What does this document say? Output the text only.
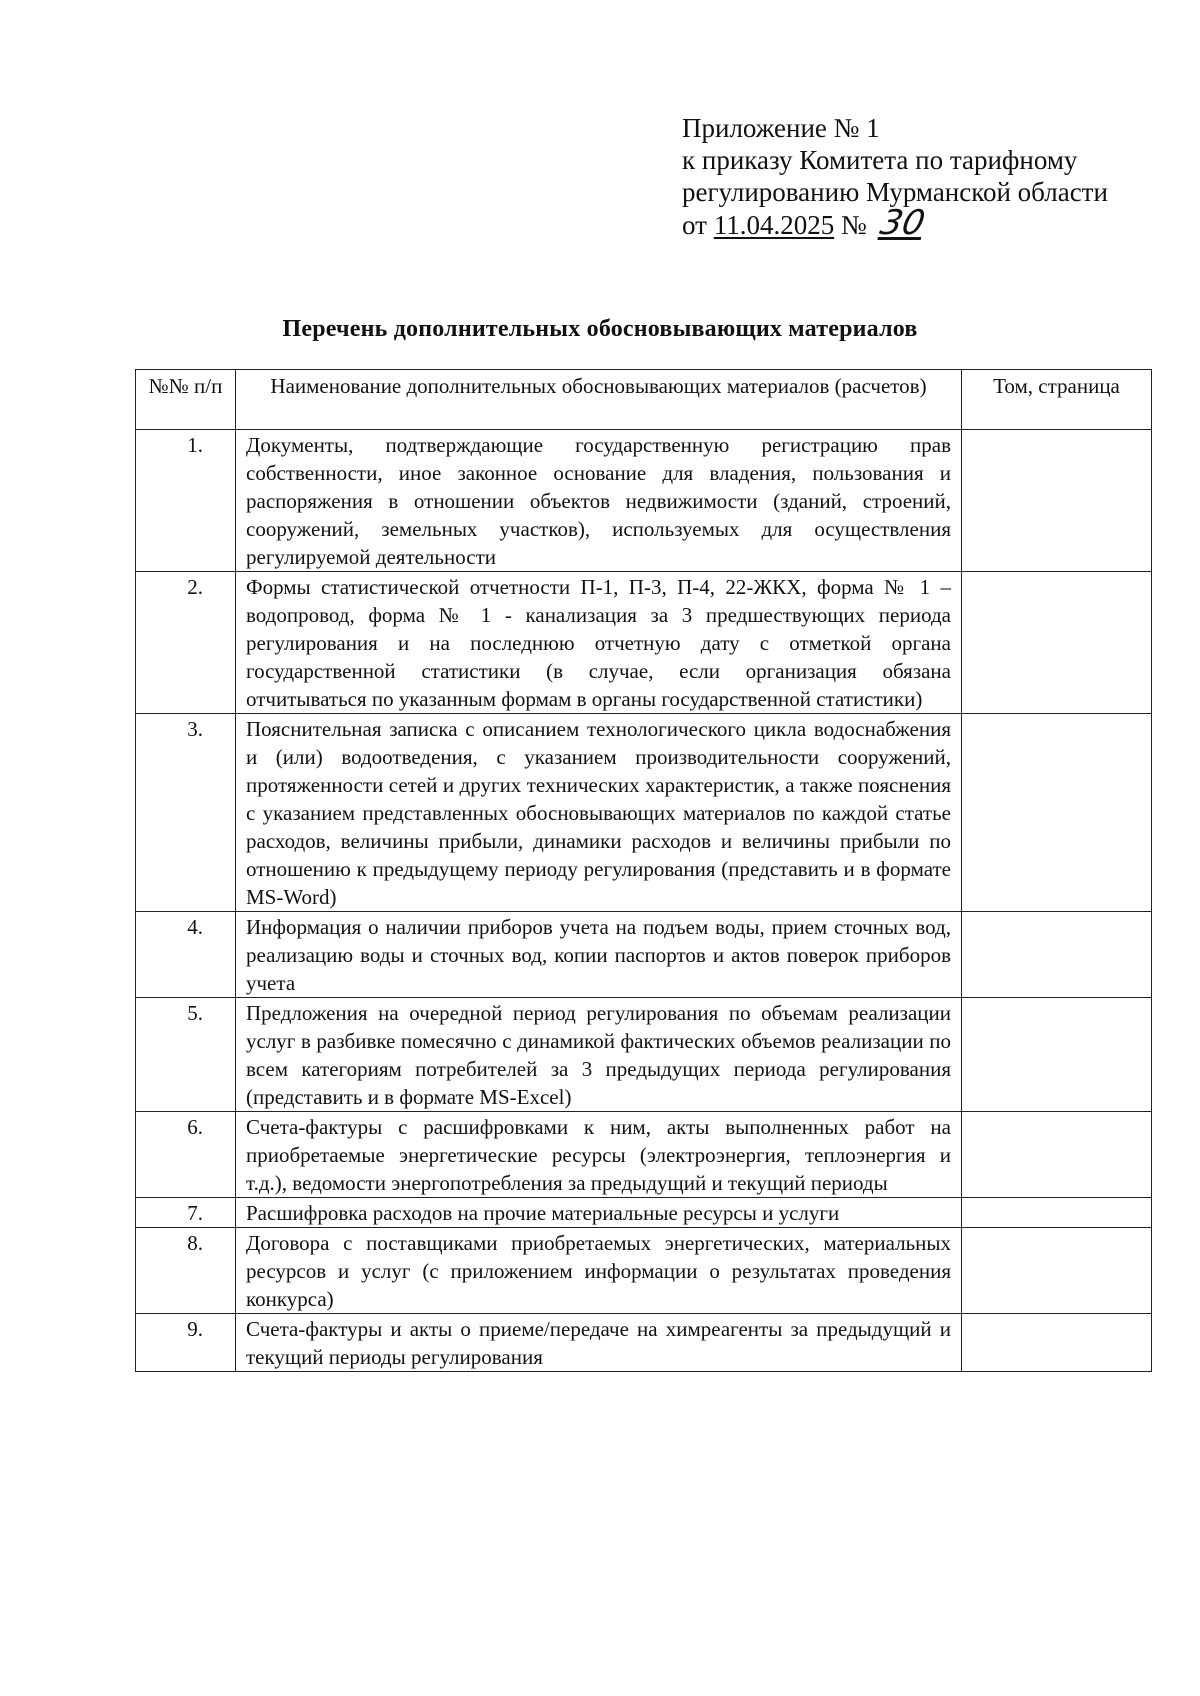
Приложение № 1
к приказу Комитета по тарифному
регулированию Мурманской области
от 11.04.2025 № 30
Перечень дополнительных обосновывающих материалов
№№ п/п	Наименование дополнительных обосновывающих материалов (расчетов)	Том, страница
1.	Документы, подтверждающие государственную регистрацию прав собственности, иное законное основание для владения, пользования и распоряжения в отношении объектов недвижимости (зданий, строений, сооружений, земельных участков), используемых для осуществления регулируемой деятельности	
2.	Формы статистической отчетности П-1, П-3, П-4, 22-ЖКХ, форма № 1 – водопровод, форма № 1 - канализация за 3 предшествующих периода регулирования и на последнюю отчетную дату с отметкой органа государственной статистики (в случае, если организация обязана отчитываться по указанным формам в органы государственной статистики)	
3.	Пояснительная записка с описанием технологического цикла водоснабжения и (или) водоотведения, с указанием производительности сооружений, протяженности сетей и других технических характеристик, а также пояснения с указанием представленных обосновывающих материалов по каждой статье расходов, величины прибыли, динамики расходов и величины прибыли по отношению к предыдущему периоду регулирования (представить и в формате MS-Word)	
4.	Информация о наличии приборов учета на подъем воды, прием сточных вод, реализацию воды и сточных вод, копии паспортов и актов поверок приборов учета	
5.	Предложения на очередной период регулирования по объемам реализации услуг в разбивке помесячно с динамикой фактических объемов реализации по всем категориям потребителей за 3 предыдущих периода регулирования (представить и в формате MS-Excel)	
6.	Счета-фактуры с расшифровками к ним, акты выполненных работ на приобретаемые энергетические ресурсы (электроэнергия, теплоэнергия и т.д.), ведомости энергопотребления за предыдущий и текущий периоды	
7.	Расшифровка расходов на прочие материальные ресурсы и услуги	
8.	Договора с поставщиками приобретаемых энергетических, материальных ресурсов и услуг (с приложением информации о результатах проведения конкурса)	
9.	Счета-фактуры и акты о приеме/передаче на химреагенты за предыдущий и текущий периоды регулирования	
